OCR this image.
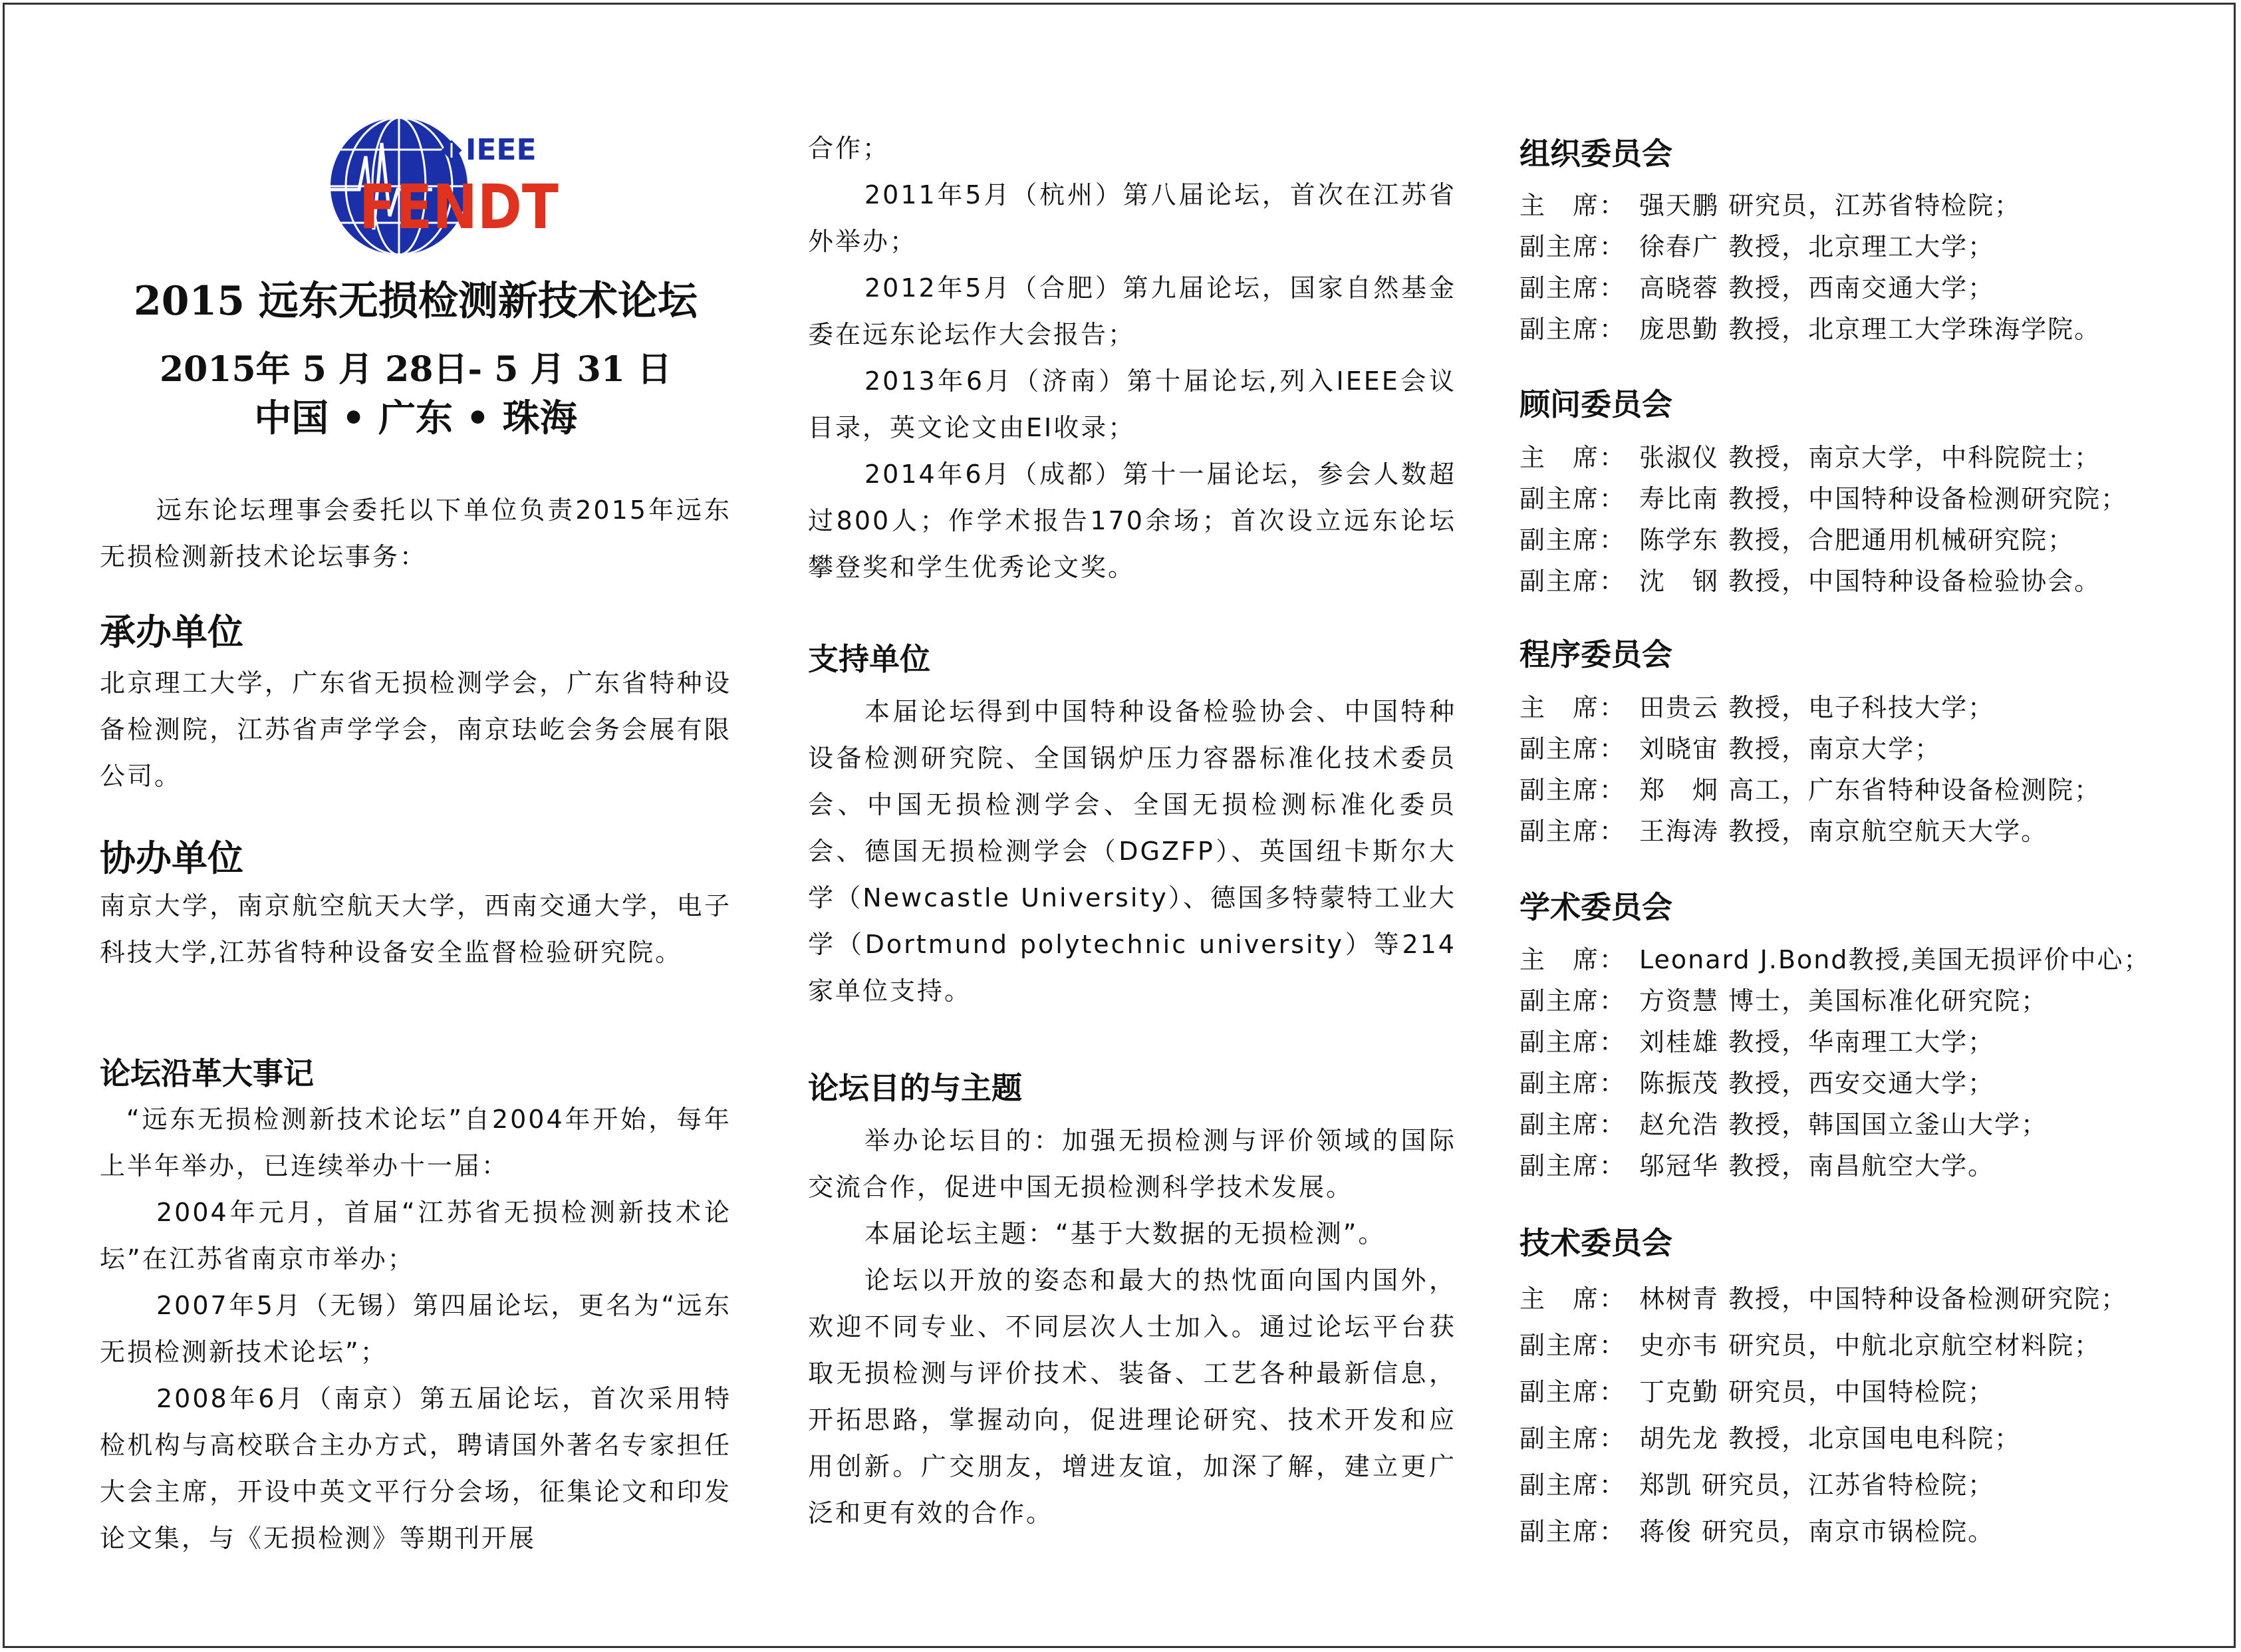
IEEE
FENDT
2015 远东无损检测新技术论坛
2015年 5 月 28日- 5 月 31 日
中国 • 广东 • 珠海
远东论坛理事会委托以下单位负责2015年远东无损检测新技术论坛事务：
承办单位
北京理工大学，广东省无损检测学会，广东省特种设备检测院，江苏省声学学会，南京珐屹会务会展有限公司。
协办单位
南京大学，南京航空航天大学，西南交通大学，电子科技大学,江苏省特种设备安全监督检验研究院。
论坛沿革大事记

“远东无损检测新技术论坛”自2004年开始，每年上半年举办，已连续举办十一届：

2004年元月，首届“江苏省无损检测新技术论坛”在江苏省南京市举办；

2007年5月（无锡）第四届论坛，更名为“远东无损检测新技术论坛”；

2008年6月（南京）第五届论坛，首次采用特检机构与高校联合主办方式，聘请国外著名专家担任大会主席，开设中英文平行分会场，征集论文和印发论文集，与《无损检测》等期刊开展

合作；

2011年5月（杭州）第八届论坛，首次在江苏省外举办；

2012年5月（合肥）第九届论坛，国家自然基金委在远东论坛作大会报告；

2013年6月（济南）第十届论坛,列入IEEE会议目录，英文论文由EI收录；

2014年6月（成都）第十一届论坛，参会人数超过800人；作学术报告170余场；首次设立远东论坛攀登奖和学生优秀论文奖。

支持单位
本届论坛得到中国特种设备检验协会、中国特种设备检测研究院、全国锅炉压力容器标准化技术委员会、中国无损检测学会、全国无损检测标准化委员会、德国无损检测学会（DGZFP）、英国纽卡斯尔大学（Newcastle University）、德国多特蒙特工业大学（Dortmund polytechnic university）等214家单位支持。
论坛目的与主题

举办论坛目的：加强无损检测与评价领域的国际交流合作，促进中国无损检测科学技术发展。

本届论坛主题：“基于大数据的无损检测”。

论坛以开放的姿态和最大的热忱面向国内国外，欢迎不同专业、不同层次人士加入。通过论坛平台获取无损检测与评价技术、装备、工艺各种最新信息，开拓思路，掌握动向，促进理论研究、技术开发和应用创新。广交朋友，增进友谊，加深了解，建立更广泛和更有效的合作。

组织委员会
主　席： 强天鹏 研究员，江苏省特检院；
副主席： 徐春广 教授，北京理工大学；
副主席： 高晓蓉 教授，西南交通大学；
副主席： 庞思勤 教授，北京理工大学珠海学院。
顾问委员会
主　席： 张淑仪 教授，南京大学，中科院院士；
副主席： 寿比南 教授，中国特种设备检测研究院；
副主席： 陈学东 教授，合肥通用机械研究院；
副主席： 沈　钢 教授，中国特种设备检验协会。
程序委员会
主　席： 田贵云 教授，电子科技大学；
副主席： 刘晓宙 教授，南京大学；
副主席： 郑　炯 高工，广东省特种设备检测院；
副主席： 王海涛 教授，南京航空航天大学。
学术委员会
主　席： Leonard J.Bond教授,美国无损评价中心；
副主席： 方资慧 博士，美国标准化研究院；
副主席： 刘桂雄 教授，华南理工大学；
副主席： 陈振茂 教授，西安交通大学；
副主席： 赵允浩 教授，韩国国立釜山大学；
副主席： 邬冠华 教授，南昌航空大学。
技术委员会
主　席： 林树青 教授，中国特种设备检测研究院；
副主席： 史亦韦 研究员，中航北京航空材料院；
副主席： 丁克勤 研究员，中国特检院；
副主席： 胡先龙 教授，北京国电电科院；
副主席： 郑凯 研究员，江苏省特检院；
副主席： 蒋俊 研究员，南京市锅检院。
